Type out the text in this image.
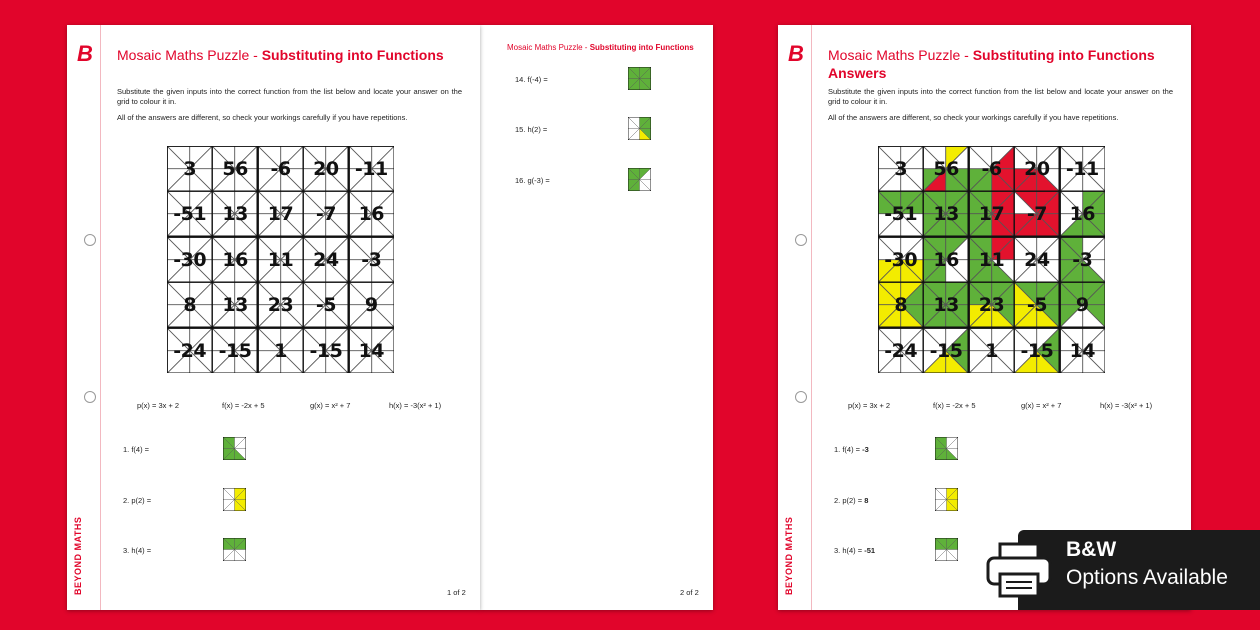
Mosaic Maths Puzzle - Substituting into Functions
14. f(-4) =
15. h(2) =
16. g(-3) =
2 of 2
B
BEYOND MATHS
Mosaic Maths Puzzle - Substituting into Functions
Substitute the given inputs into the correct function from the list below and locate your answer on the grid to colour it in.
All of the answers are different, so check your workings carefully if you have repetitions.
3	56	-6	20 -11
-51 13	17	-7	16
-30 16	11	24	-3
8	13	23	-5	9
-24 -15	1	-15 14
p(x) = 3x + 2	f(x) = -2x + 5	g(x) = x² + 7	h(x) = -3(x² + 1)
1. f(4) =
2. p(2) =
3. h(4) =
1 of 2
B
BEYOND MATHS
Mosaic Maths Puzzle - Substituting into Functions
Answers
Substitute the given inputs into the correct function from the list below and locate your answer on the grid to colour it in.
All of the answers are different, so check your workings carefully if you have repetitions.
3	56	-6	20 -11
-51 13	17	-7	16
-30 16	11	24	-3
8	13	23	-5	9
-24 -15	1	-15 14
p(x) = 3x + 2	f(x) = -2x + 5	g(x) = x² + 7	h(x) = -3(x² + 1)
1. f(4) = -3
2. p(2) = 8
3. h(4) = -51	B&W
Options Available
